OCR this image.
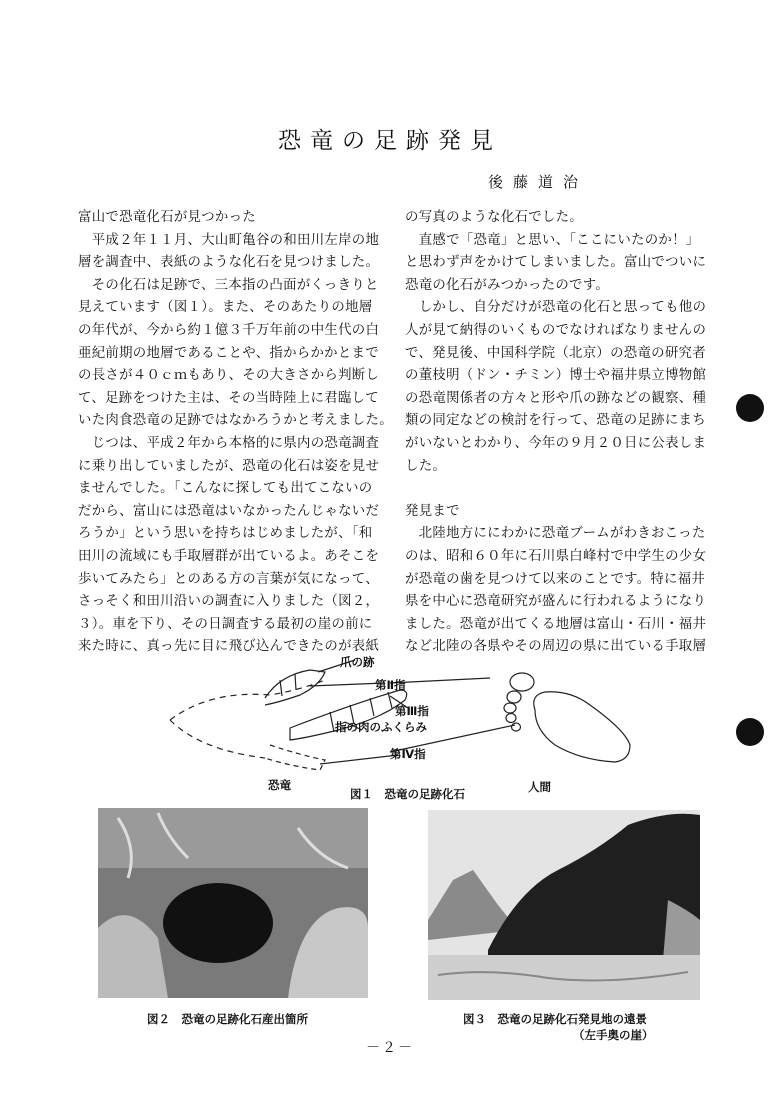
恐竜の足跡発見
後藤道治

富山で恐竜化石が見つかった

　平成２年１１月、大山町亀谷の和田川左岸の地

層を調査中、表紙のような化石を見つけました。

　その化石は足跡で、三本指の凸面がくっきりと

見えています（図１）。また、そのあたりの地層

の年代が、今から約１億３千万年前の中生代の白

亜紀前期の地層であることや、指からかかとまで

の長さが４０ｃｍもあり、その大きさから判断し

て、足跡をつけた主は、その当時陸上に君臨して

いた肉食恐竜の足跡ではなかろうかと考えました。

　じつは、平成２年から本格的に県内の恐竜調査

に乗り出していましたが、恐竜の化石は姿を見せ

ませんでした。「こんなに探しても出てこないの

だから、富山には恐竜はいなかったんじゃないだ

ろうか」という思いを持ちはじめましたが、「和

田川の流域にも手取層群が出ているよ。あそこを

歩いてみたら」とのある方の言葉が気になって、

さっそく和田川沿いの調査に入りました（図２，

３）。車を下り、その日調査する最初の崖の前に

来た時に、真っ先に目に飛び込んできたのが表紙

の写真のような化石でした。

　直感で「恐竜」と思い、「ここにいたのか！」

と思わず声をかけてしまいました。富山でついに

恐竜の化石がみつかったのです。

　しかし、自分だけが恐竜の化石と思っても他の

人が見て納得のいくものでなければなりませんの

で、発見後、中国科学院（北京）の恐竜の研究者

の董枝明（ドン・チミン）博士や福井県立博物館

の恐竜関係者の方々と形や爪の跡などの観察、種

類の同定などの検討を行って、恐竜の足跡にまち

がいないとわかり、今年の９月２０日に公表しま

した。

発見まで

　北陸地方ににわかに恐竜ブームがわきおこった

のは、昭和６０年に石川県白峰村で中学生の少女

が恐竜の歯を見つけて以来のことです。特に福井

県を中心に恐竜研究が盛んに行われるようになり

ました。恐竜が出てくる地層は富山・石川・福井

など北陸の各県やその周辺の県に出ている手取層

爪の跡
第Ⅱ指
第Ⅲ指
指の肉のふくらみ
第Ⅳ指
恐竜	人間
図１　恐竜の足跡化石
図２　恐竜の足跡化石産出箇所	図３　恐竜の足跡化石発見地の遠景
（左手奥の崖）
－２－
